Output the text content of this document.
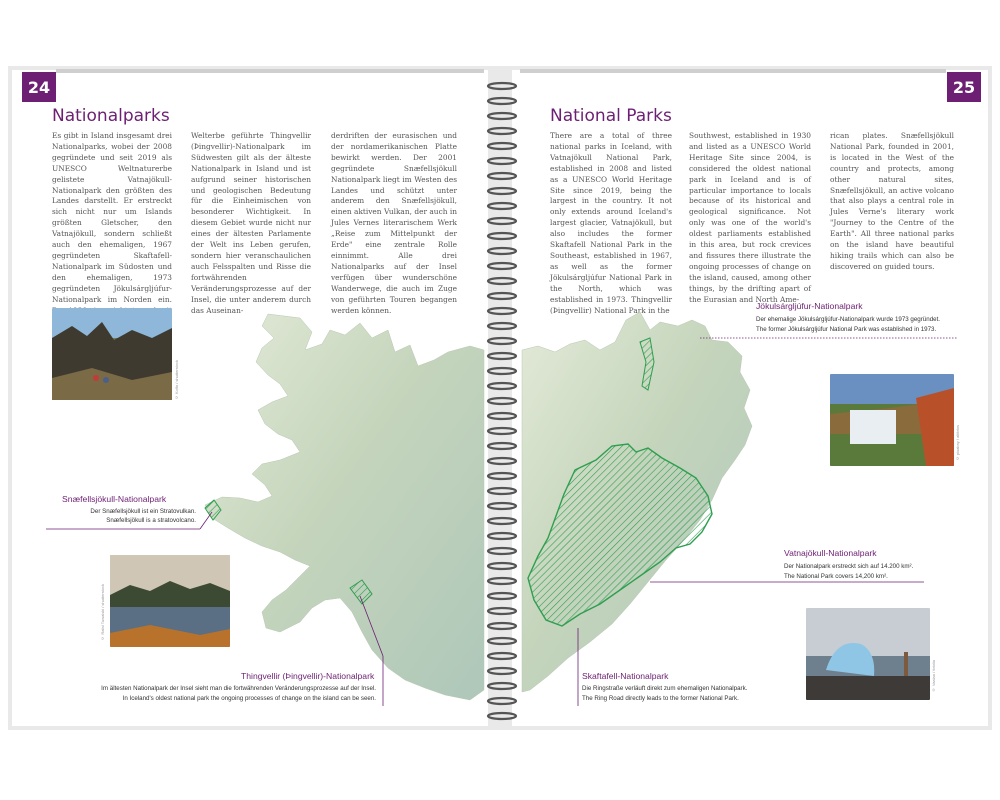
24	25
Nationalparks	National Parks
Es gibt in Island insgesamt drei Nationalparks, wobei der 2008 gegründete und seit 2019 als UNESCO Weltnaturerbe gelistete Vatnajökull-Nationalpark den größten des Landes darstellt. Er erstreckt sich nicht nur um Islands größten Gletscher, den Vatnajökull, sondern schließt auch den ehemaligen, 1967 gegründeten Skaftafell-Nationalpark im Südosten und den ehemaligen, 1973 gegründeten Jökulsárgljúfur-Nationalpark im Norden ein.
Welterbe geführte Thingvellir (Þingvellir)-Nationalpark im Südwesten gilt als der älteste Nationalpark in Island und ist aufgrund seiner historischen und geologischen Bedeutung für die Einheimischen von besonderer Wichtigkeit. In diesem Gebiet wurde nicht nur eines der ältesten Parlamente der Welt ins Leben gerufen, sondern hier veranschaulichen auch Felsspalten und Risse die fortwährenden Veränderungsprozesse auf der Insel, die unter anderem durch das Auseinan-
derdriften der eurasischen und der nordamerikanischen Platte bewirkt werden. Der 2001 gegründete Snæfellsjökull Nationalpark liegt im Westen des Landes und schützt unter anderem den Snæfellsjökull, einen aktiven Vulkan, der auch in Jules Vernes literarischem Werk „Reise zum Mittelpunkt der Erde" eine zentrale Rolle einnimmt. Alle drei Nationalparks auf der Insel verfügen über wunderschöne Wanderwege, die auch im Zuge von geführten Touren begangen werden können.
There are a total of three national parks in Iceland, with Vatnajökull National Park, established in 2008 and listed as a UNESCO World Heritage Site since 2019, being the largest in the country. It not only extends around Iceland's largest glacier, Vatnajökull, but also includes the former Skaftafell National Park in the Southeast, established in 1967, as well as the former Jökulsárgljúfur National Park in the North, which was established in 1973. Thingvellir (Þingvellir) National Park in the
Southwest, established in 1930 and listed as a UNESCO World Heritage Site since 2004, is considered the oldest national park in Iceland and is of particular importance to locals because of its historical and geological significance. Not only was one of the world's oldest parliaments established in this area, but rock crevices and fissures there illustrate the ongoing processes of change on the island, caused, among other things, by the drifting apart of the Eurasian and North Ame-
rican plates. Snæfellsjökull National Park, founded in 2001, is located in the West of the country and protects, among other natural sites, Snæfellsjökull, an active volcano that also plays a central role in Jules Verne's literary work "Journey to the Centre of the Earth". All three national parks on the island have beautiful hiking trails which can also be discovered on guided tours.
© Kolfa / shutterstock
© Rafal Tuwalski / shutterstock
© pixabay / altfotos
© Vaalaa / fotolia
Snæfellsjökull-Nationalpark
Der Snæfellsjökull ist ein Stratovulkan.
Snæfellsjökull is a stratovolcano.
Thingvellir (Þingvellir)-Nationalpark
Im ältesten Nationalpark der Insel sieht man die fortwährenden Veränderungsprozesse auf der Insel.
In Iceland's oldest national park the ongoing processes of change on the island can be seen.
Jökulsárgljúfur-Nationalpark
Der ehemalige Jökulsárgljúfur-Nationalpark wurde 1973 gegründet.
The former Jökulsárgljúfur National Park was established in 1973.
Vatnajökull-Nationalpark
Der Nationalpark erstreckt sich auf 14.200 km².
The National Park covers 14,200 km².
Skaftafell-Nationalpark
Die Ringstraße verläuft direkt zum ehemaligen Nationalpark.
The Ring Road directly leads to the former National Park.
